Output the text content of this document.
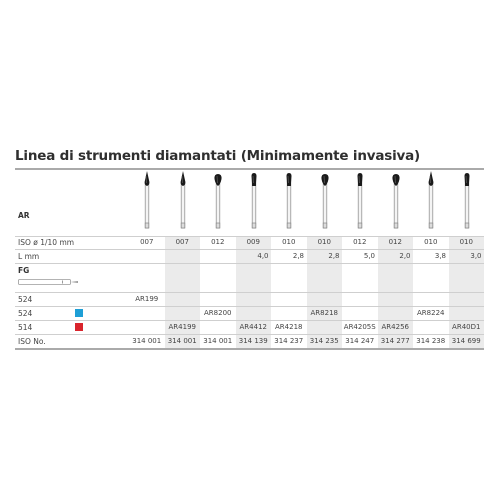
Linea di strumenti diamantati (Minimamente invasiva)
AR
ISO ø 1/10 mm
L mm
FG
524
524
514
ISO No.
007
AR199
314 001
007
AR4199
314 001
012
AR8200
314 001
009
4,0
AR4412
314 139
010
2,8
AR4218
314 237
010
2,8
AR8218
314 235
012
5,0
AR4205S
314 247
012
2,0
AR4256
314 277
010
3,8
AR8224
314 238
010
3,0
AR40D1
314 699
